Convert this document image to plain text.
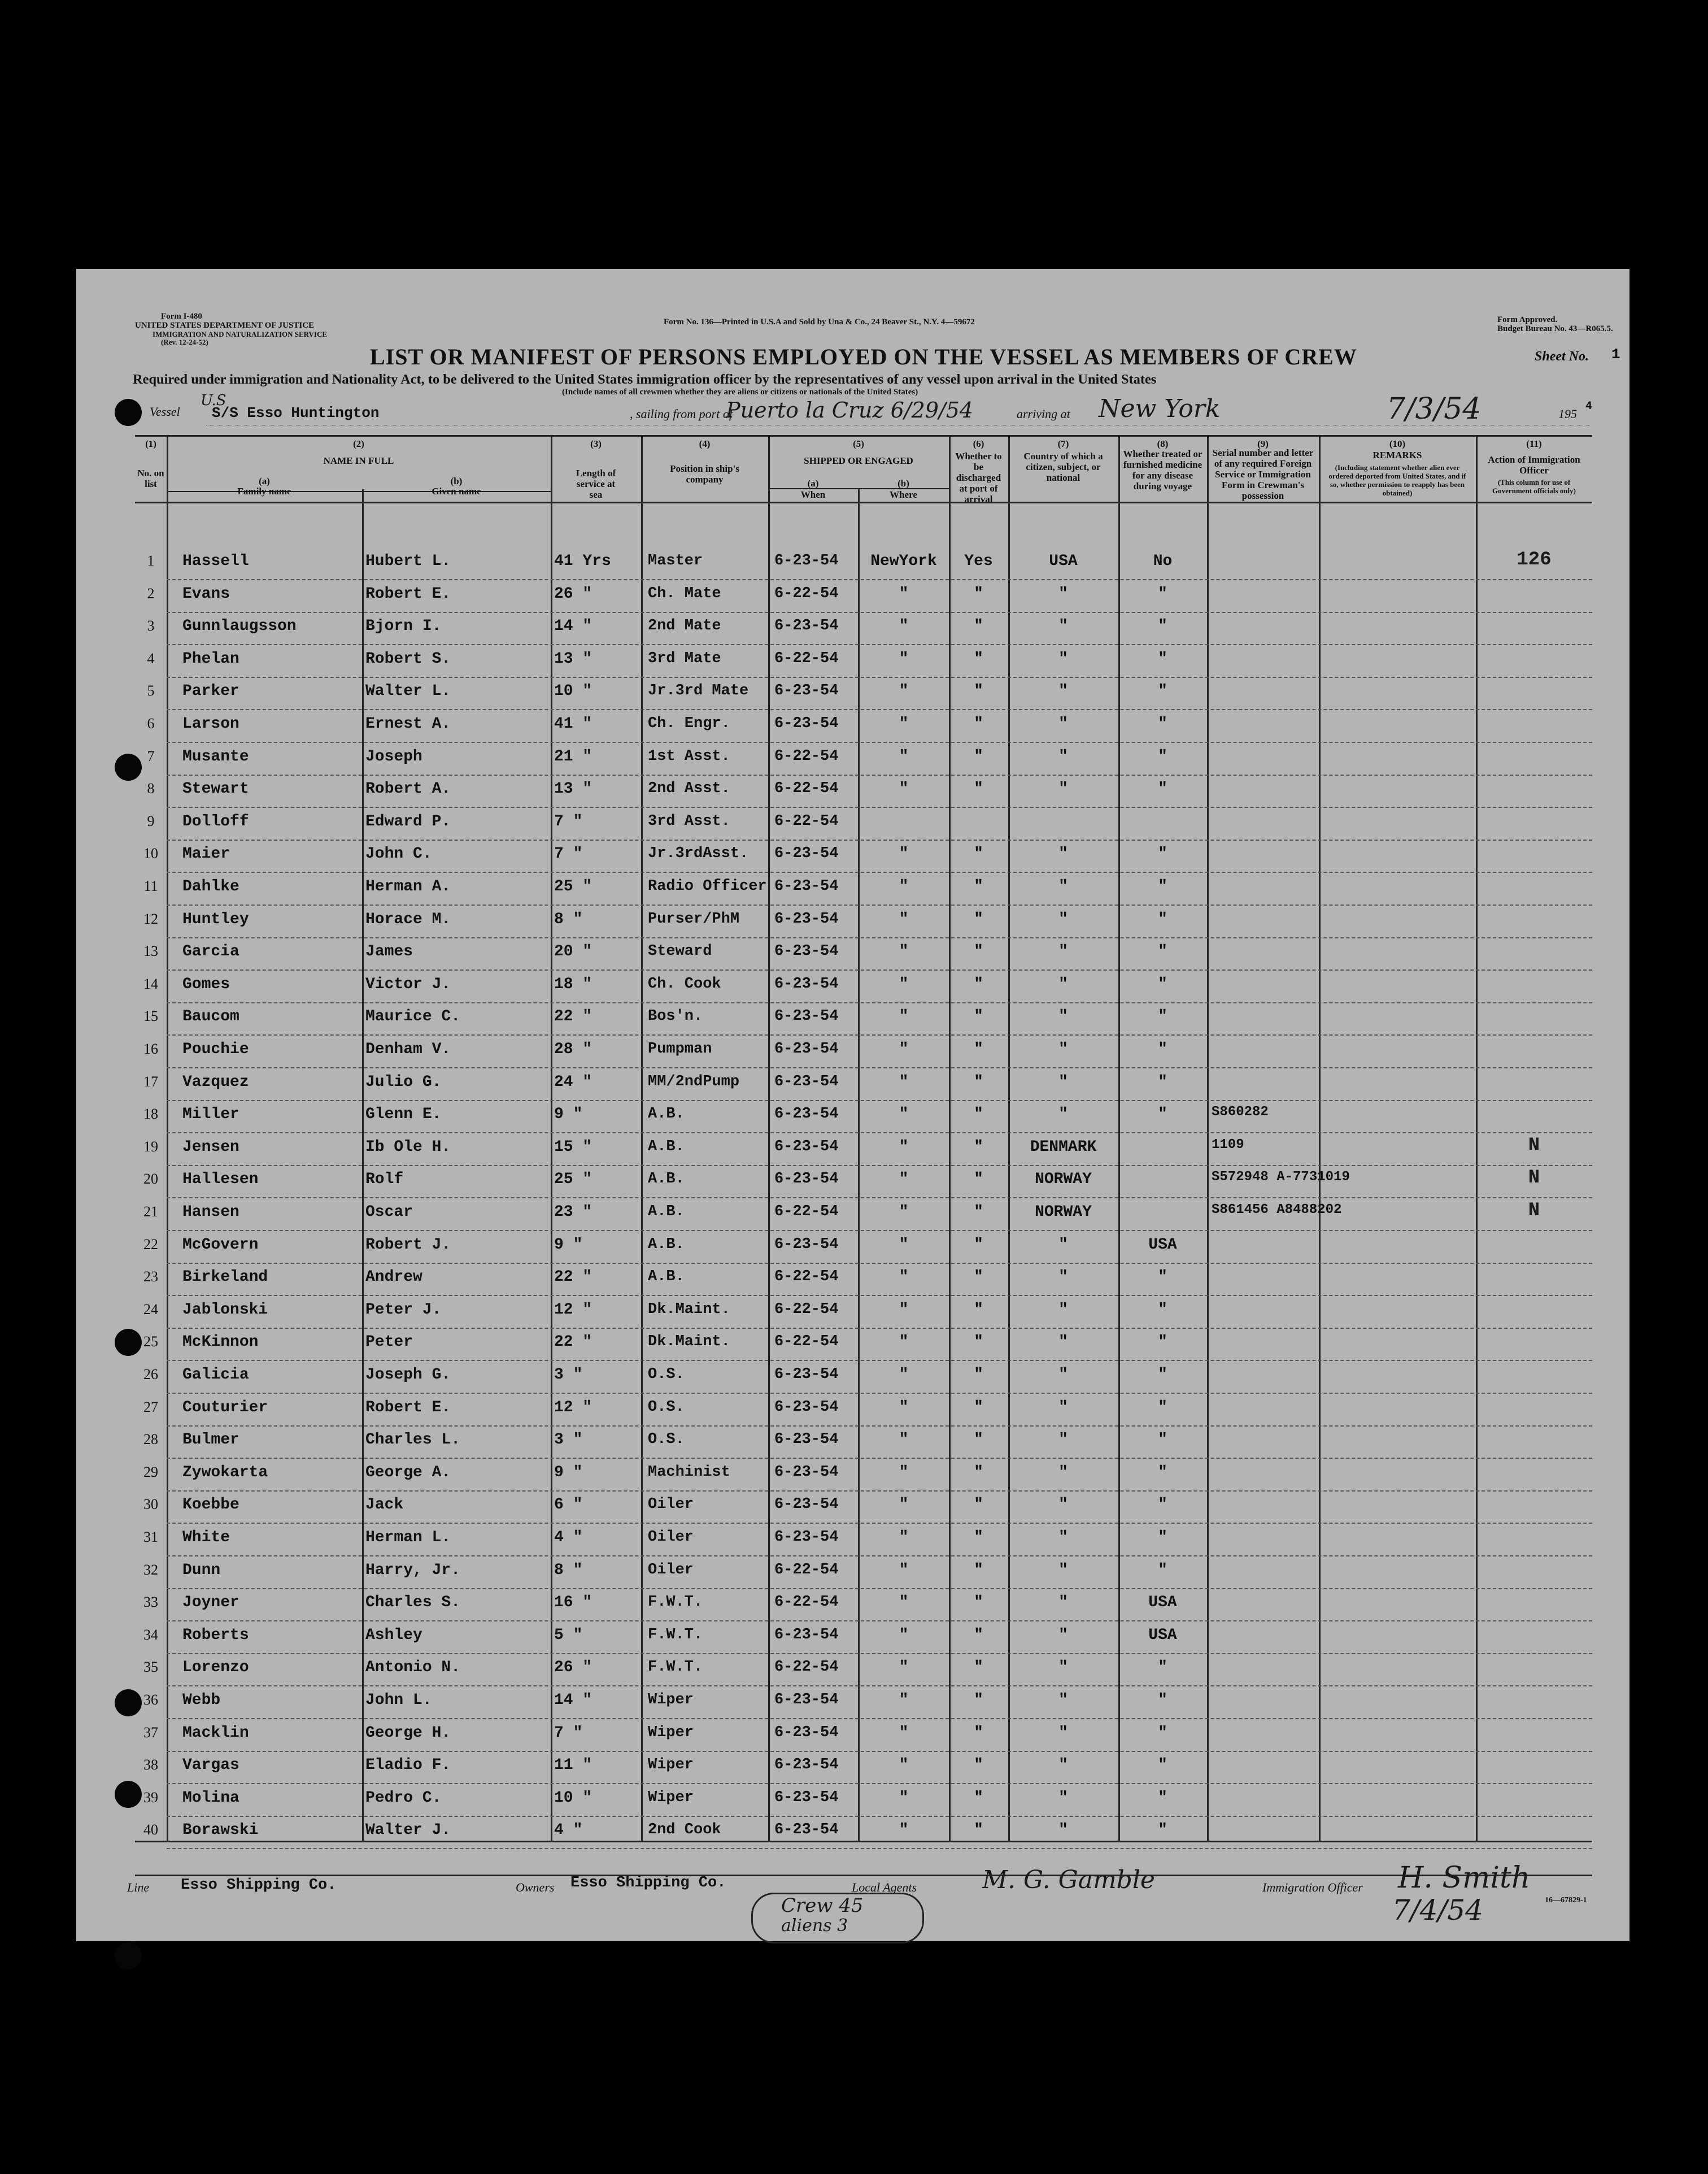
Form I-480
UNITED STATES DEPARTMENT OF JUSTICE
IMMIGRATION AND NATURALIZATION SERVICE
(Rev. 12-24-52)
Form No. 136—Printed in U.S.A and Sold by Una & Co., 24 Beaver St., N.Y. 4—59672	Form Approved.
Budget Bureau No. 43—R065.5.
LIST OR MANIFEST OF PERSONS EMPLOYED ON THE VESSEL AS MEMBERS OF CREW	Sheet No. 1
Required under immigration and Nationality Act, to be delivered to the United States immigration officer by the representatives of any vessel upon arrival in the United States
(Include names of all crewmen whether they are aliens or citizens or nationals of the United States)
Vessel
U.S
S/S Esso Huntington	, sailing from port of
Puerto la Cruz 6/29/54	arriving at New York	7/3/54	195
4
(1)
No. on list
(2)
NAME IN FULL
(a)
Family name
(b)
Given name
(3)
Length of service at sea
(4)
Position in ship's company
(5)
SHIPPED OR ENGAGED
(a)
When
(b)
Where
(6)
Whether to be discharged at port of arrival
(7)
Country of which a citizen, subject, or national
(8)
Whether treated or furnished medicine for any disease during voyage
(9)
Serial number and letter of any required Foreign Service or Immigration Form in Crewman's possession
(10)
REMARKS
(Including statement whether alien ever ordered deported from United States, and if so, whether permission to reapply has been obtained)
(11)
Action of Immigration Officer
(This column for use of Government officials only)
1	Hassell	Hubert L.	41 Yrs Master	6-23-54	NewYork	Yes	USA	No	126
2	Evans	Robert E.	26 "	Ch. Mate	6-22-54	"	"	"	"
3	Gunnlaugsson	Bjorn I.	14 "	2nd Mate	6-23-54	"	"	"	"
4	Phelan	Robert S.	13 "	3rd Mate	6-22-54	"	"	"	"
5	Parker	Walter L.	10 "	Jr.3rd Mate 6-23-54	"	"	"	"
6	Larson	Ernest A.	41 "	Ch. Engr.	6-23-54	"	"	"	"
7	Musante	Joseph	21 "	1st Asst.	6-22-54	"	"	"	"
8	Stewart	Robert A.	13 "	2nd Asst.	6-22-54	"	"	"	"
9	Dolloff	Edward P.	7 "	3rd Asst.	6-22-54
10	Maier	John C.	7 "	Jr.3rdAsst. 6-23-54	"	"	"	"
11	Dahlke	Herman A.	25 "	Radio Officer 6-23-54	"	"	"	"
12	Huntley	Horace M.	8 "	Purser/PhM 6-23-54	"	"	"	"
13	Garcia	James	20 "	Steward	6-23-54	"	"	"	"
14	Gomes	Victor J.	18 "	Ch. Cook	6-23-54	"	"	"	"
15	Baucom	Maurice C.	22 "	Bos'n.	6-23-54	"	"	"	"
16	Pouchie	Denham V.	28 "	Pumpman	6-23-54	"	"	"	"
17	Vazquez	Julio G.	24 "	MM/2ndPump 6-23-54	"	"	"	"
18	Miller	Glenn E.	9 "	A.B.	6-23-54	"	"	"	"	S860282
19	Jensen	Ib Ole H.	15 "	A.B.	6-23-54	"	"	DENMARK	1109	N
20	Hallesen	Rolf	25 "	A.B.	6-23-54	"	"	NORWAY	S572948 A-7731019	N
21	Hansen	Oscar	23 "	A.B.	6-22-54	"	"	NORWAY	S861456 A8488202	N
22	McGovern	Robert J.	9 "	A.B.	6-23-54	"	"	"	USA
23	Birkeland	Andrew	22 "	A.B.	6-22-54	"	"	"	"
24	Jablonski	Peter J.	12 "	Dk.Maint.	6-22-54	"	"	"	"
25	McKinnon	Peter	22 "	Dk.Maint.	6-22-54	"	"	"	"
26	Galicia	Joseph G.	3 "	O.S.	6-23-54	"	"	"	"
27	Couturier	Robert E.	12 "	O.S.	6-23-54	"	"	"	"
28	Bulmer	Charles L.	3 "	O.S.	6-23-54	"	"	"	"
29	Zywokarta	George A.	9 "	Machinist	6-23-54	"	"	"	"
30	Koebbe	Jack	6 "	Oiler	6-23-54	"	"	"	"
31	White	Herman L.	4 "	Oiler	6-23-54	"	"	"	"
32	Dunn	Harry, Jr.	8 "	Oiler	6-22-54	"	"	"	"
33	Joyner	Charles S.	16 "	F.W.T.	6-22-54	"	"	"	USA
34	Roberts	Ashley	5 "	F.W.T.	6-23-54	"	"	"	USA
35	Lorenzo	Antonio N.	26 "	F.W.T.	6-22-54	"	"	"	"
36	Webb	John L.	14 "	Wiper	6-23-54	"	"	"	"
37	Macklin	George H.	7 "	Wiper	6-23-54	"	"	"	"
38	Vargas	Eladio F.	11 "	Wiper	6-23-54	"	"	"	"
39	Molina	Pedro C.	10 "	Wiper	6-23-54	"	"	"	"
40	Borawski	Walter J.	4 "	2nd Cook	6-23-54	"	"	"	"
Line Esso Shipping Co.	Owners Esso Shipping Co.	Local Agents	M. G. Gamble	Immigration Officer H. Smith
7/4/54	16—67829-1
Crew 45
aliens 3
